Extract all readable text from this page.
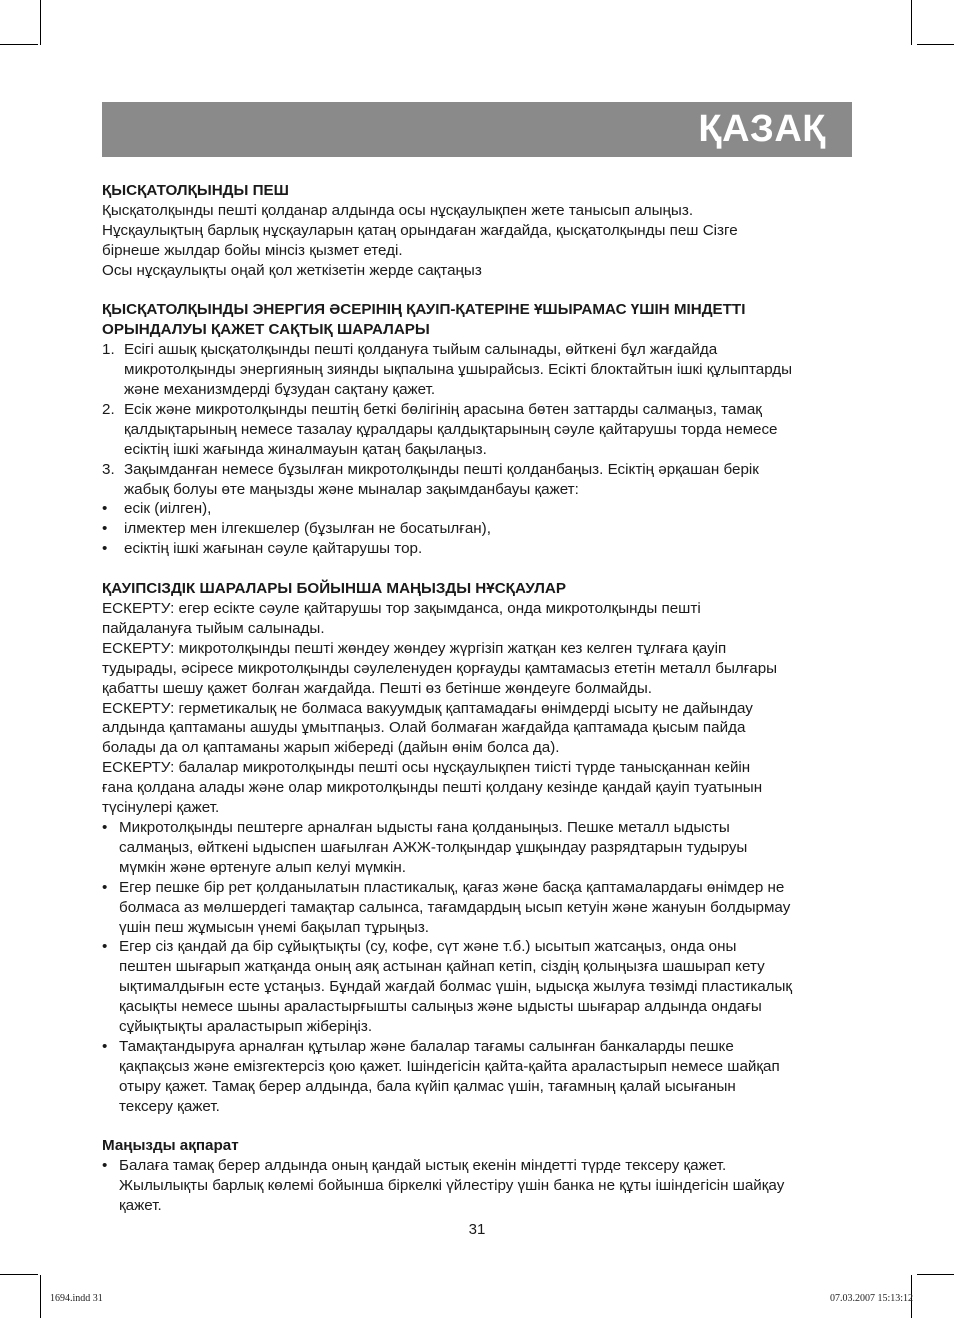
ҚАЗАҚ

ҚЫСҚАТОЛҚЫНДЫ ПЕШ

Қысқатолқынды пешті қолданар алдында осы нұсқаулықпен жете танысып алыңыз.

Нұсқаулықтың барлық нұсқауларын қатаң орындаған жағдайда, қысқатолқынды пеш Сізге

бірнеше жылдар бойы мінсіз қызмет етеді.

Осы нұсқаулықты оңай қол жеткізетін жерде сақтаңыз

ҚЫСҚАТОЛҚЫНДЫ ЭНЕРГИЯ ӘСЕРІНІҢ ҚАУІП-ҚАТЕРІНЕ ҰШЫРАМАС ҮШІН МІНДЕТТІ

ОРЫНДАЛУЫ ҚАЖЕТ САҚТЫҚ ШАРАЛАРЫ

1. Есігі ашық қысқатолқынды пешті қолдануға тыйым салынады, өйткені бұл жағдайда

микротолқынды энергияның зиянды ықпалына ұшырайсыз. Есікті блоктайтын ішкі құлыптарды

және механизмдерді бұзудан сақтану қажет.

2. Есік және микротолқынды пештің беткі бөлігінің арасына бөтен заттарды салмаңыз, тамақ

қалдықтарының немесе тазалау құралдары қалдықтарының сәуле қайтарушы торда немесе

есіктің ішкі жағында жиналмауын қатаң бақылаңыз.

3. Зақымданған немесе бұзылған микротолқынды пешті қолданбаңыз. Есіктің әрқашан берік

жабық болуы өте маңызды және мыналар зақымданбауы қажет:

• есік (иілген),

• ілмектер мен ілгекшелер (бұзылған не босатылған),

• есіктің ішкі жағынан сәуле қайтарушы тор.

ҚАУІПСІЗДІК ШАРАЛАРЫ БОЙЫНША МАҢЫЗДЫ НҰСҚАУЛАР

ЕСКЕРТУ: егер есікте сәуле қайтарушы тор зақымданса, онда микротолқынды пешті

пайдалануға тыйым салынады.

ЕСКЕРТУ: микротолқынды пешті жөндеу жөндеу жүргізіп жатқан кез келген тұлғаға қауіп

тудырады, әсіресе микротолқынды сәулеленуден қорғауды қамтамасыз ететін металл былғары

қабатты шешу қажет болған жағдайда. Пешті өз бетінше жөндеуге болмайды.

ЕСКЕРТУ: герметикалық не болмаса вакуумдық қаптамадағы өнімдерді ысыту не дайындау

алдында қаптаманы ашуды ұмытпаңыз. Олай болмаған жағдайда қаптамада қысым пайда

болады да ол қаптаманы жарып жібереді (дайын өнім болса да).

ЕСКЕРТУ: балалар микротолқынды пешті осы нұсқаулықпен тиісті түрде танысқаннан кейін

ғана қолдана алады және олар микротолқынды пешті қолдану кезінде қандай қауіп туатынын

түсінулері қажет.

• Микротолқынды пештерге арналған ыдысты ғана қолданыңыз. Пешке металл ыдысты

салмаңыз, өйткені ыдыспен шағылған АЖЖ-толқындар ұшқындау разрядтарын тудыруы

мүмкін және өртенуге алып келуі мүмкін.

• Егер пешке бір рет қолданылатын пластикалық, қағаз және басқа қаптамалардағы өнімдер не

болмаса аз мөлшердегі тамақтар салынса, тағамдардың ысып кетуін және жануын болдырмау

үшін пеш жұмысын үнемі бақылап тұрыңыз.

• Егер сіз қандай да бір сұйықтықты (су, кофе, сүт және т.б.) ысытып жатсаңыз, онда оны

пештен шығарып жатқанда оның аяқ астынан қайнап кетіп, сіздің қолыңызға шашырап кету

ықтималдығын есте ұстаңыз. Бұндай жағдай болмас үшін, ыдысқа жылуға төзімді пластикалық

қасықты немесе шыны араластырғышты салыңыз және ыдысты шығарар алдында ондағы

сұйықтықты араластырып жіберіңіз.

• Тамақтандыруға арналған құтылар және балалар тағамы салынған банкаларды пешке

қақпақсыз және емізгектерсіз қою қажет. Ішіндегісін қайта-қайта араластырып немесе шайқап

отыру қажет. Тамақ берер алдында, бала күйіп қалмас үшін, тағамның қалай ысығанын

тексеру қажет.

Маңызды ақпарат

• Балаға тамақ берер алдында оның қандай ыстық екенін міндетті түрде тексеру қажет.

Жылылықты барлық көлемі бойынша біркелкі үйлестіру үшін банка не құты ішіндегісін шайқау

қажет.

31
1694.indd 31	07.03.2007 15:13:12
